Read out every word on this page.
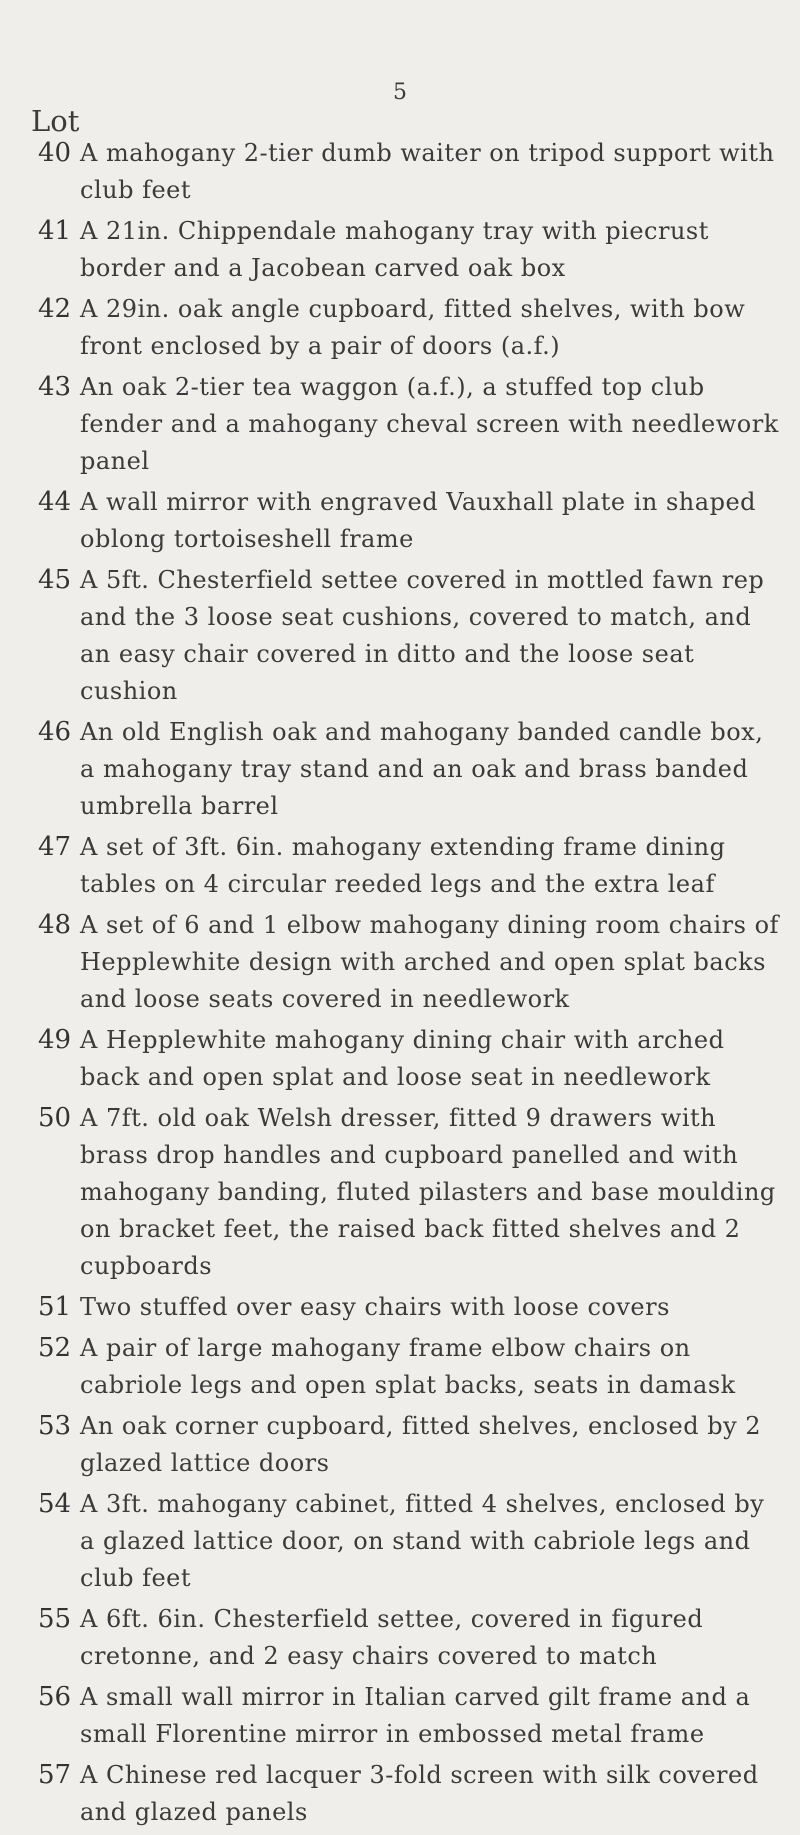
5
Lot
40 A mahogany 2-tier dumb waiter on tripod support with club feet
41 A 21in. Chippendale mahogany tray with piecrust border and a Jacobean carved oak box
42 A 29in. oak angle cupboard, fitted shelves, with bow front enclosed by a pair of doors (a.f.)
43 An oak 2-tier tea waggon (a.f.), a stuffed top club fender and a mahogany cheval screen with needlework panel
44 A wall mirror with engraved Vauxhall plate in shaped oblong tortoiseshell frame
45 A 5ft. Chesterfield settee covered in mottled fawn rep and the 3 loose seat cushions, covered to match, and an easy chair covered in ditto and the loose seat cushion
46 An old English oak and mahogany banded candle box, a mahogany tray stand and an oak and brass banded umbrella barrel
47 A set of 3ft. 6in. mahogany extending frame dining tables on 4 circular reeded legs and the extra leaf
48 A set of 6 and 1 elbow mahogany dining room chairs of Hepplewhite design with arched and open splat backs and loose seats covered in needlework
49 A Hepplewhite mahogany dining chair with arched back and open splat and loose seat in needlework
50 A 7ft. old oak Welsh dresser, fitted 9 drawers with brass drop handles and cupboard panelled and with mahogany banding, fluted pilasters and base moulding on bracket feet, the raised back fitted shelves and 2 cupboards
51 Two stuffed over easy chairs with loose covers
52 A pair of large mahogany frame elbow chairs on cabriole legs and open splat backs, seats in damask
53 An oak corner cupboard, fitted shelves, enclosed by 2 glazed lattice doors
54 A 3ft. mahogany cabinet, fitted 4 shelves, enclosed by a glazed lattice door, on stand with cabriole legs and club feet
55 A 6ft. 6in. Chesterfield settee, covered in figured cretonne, and 2 easy chairs covered to match
56 A small wall mirror in Italian carved gilt frame and a small Florentine mirror in embossed metal frame
57 A Chinese red lacquer 3-fold screen with silk covered and glazed panels
